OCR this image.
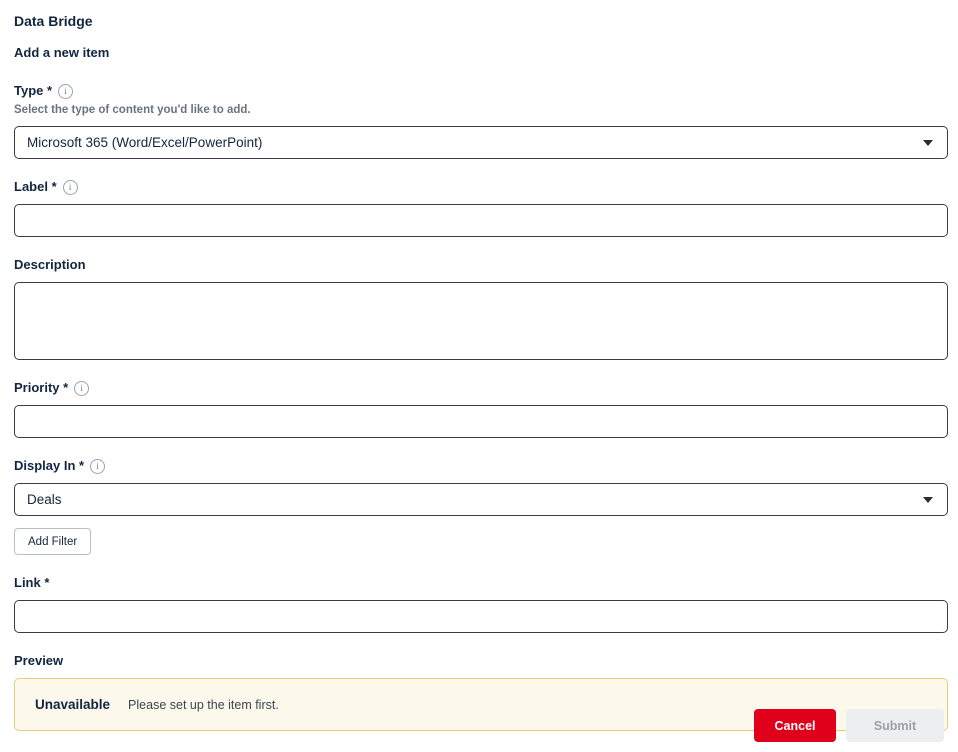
Data Bridge
Add a new item
Type *	i
Select the type of content you'd like to add.
Microsoft 365 (Word/Excel/PowerPoint)
Label *	i
Description
Priority *	i
Display In *	i
Deals
Add Filter
Link *
Preview
Unavailable Please set up the item first.
Cancel	Submit
